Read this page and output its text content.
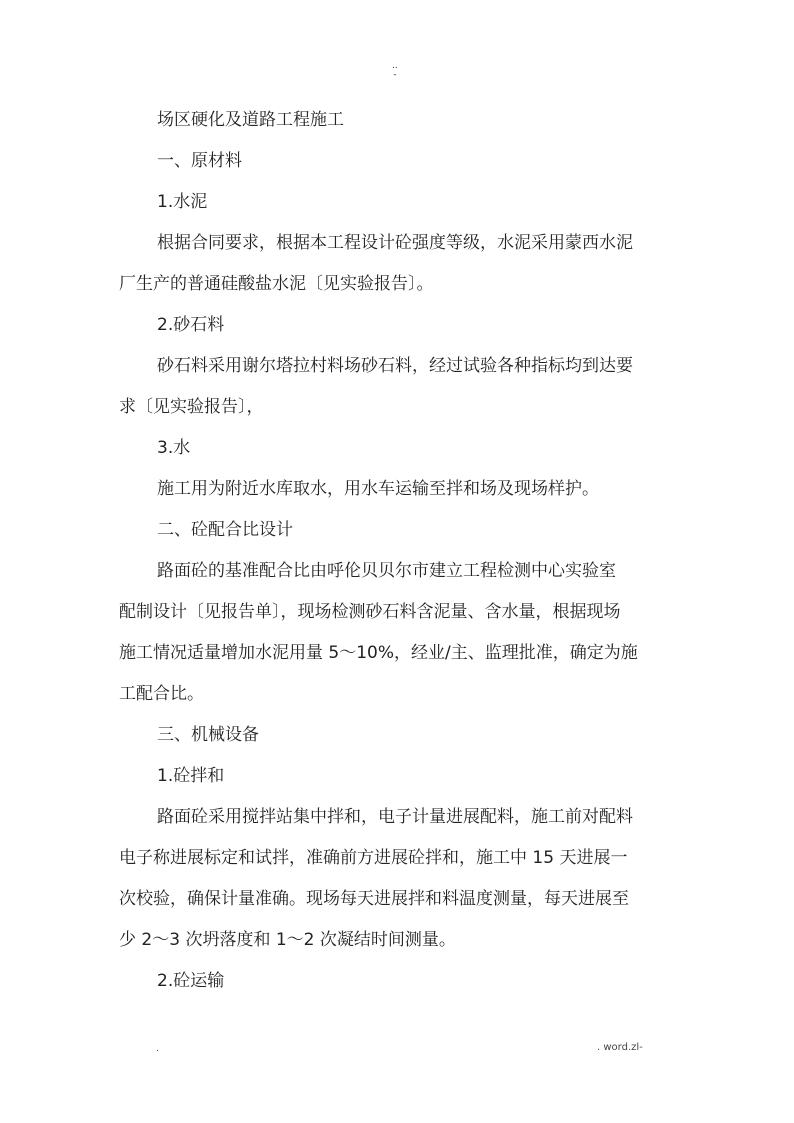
..
-
场区硬化及道路工程施工
一、原材料
1.水泥
根据合同要求，根据本工程设计砼强度等级，水泥采用蒙西水泥
厂生产的普通硅酸盐水泥〔见实验报告〕。
2.砂石料
砂石料采用谢尔塔拉村料场砂石料，经过试验各种指标均到达要
求〔见实验报告〕，
3.水
施工用为附近水库取水，用水车运输至拌和场及现场样护。
二、砼配合比设计
路面砼的基准配合比由呼伦贝贝尔市建立工程检测中心实验室
配制设计〔见报告单〕，现场检测砂石料含泥量、含水量，根据现场
施工情况适量增加水泥用量 5～10%，经业/主、监理批准，确定为施
工配合比。
三、机械设备
1.砼拌和
路面砼采用搅拌站集中拌和，电子计量进展配料，施工前对配料
电子称进展标定和试拌，准确前方进展砼拌和，施工中 15 天进展一
次校验，确保计量准确。现场每天进展拌和料温度测量，每天进展至
少 2～3 次坍落度和 1～2 次凝结时间测量。
2.砼运输
.	. word.zl-
